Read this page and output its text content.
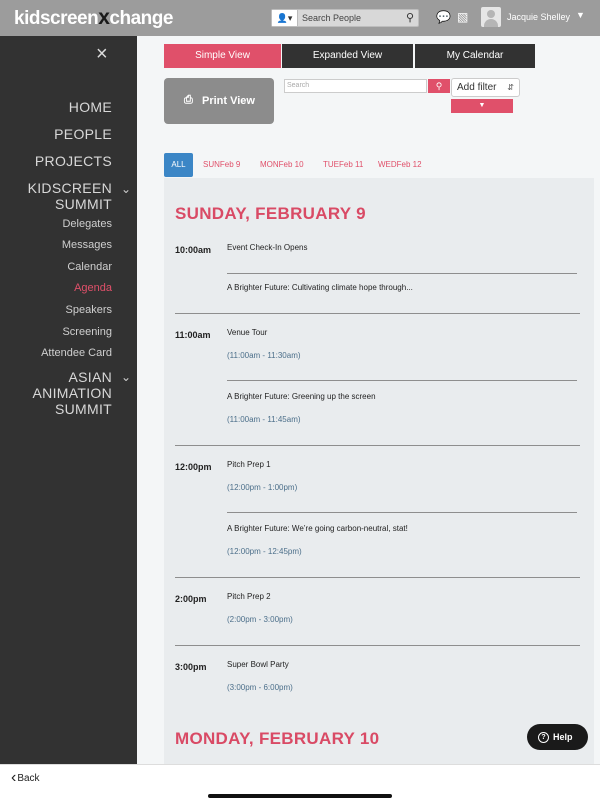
kidscreenxchange	👤▾	Search People	⚲ 💬 ▧	Jacquie Shelley ▼
×
HOME
PEOPLE
PROJECTS
KIDSCREEN
SUMMIT
⌄
Delegates
Messages
Calendar
Agenda
Speakers
Screening
Attendee Card
ASIAN
ANIMATION
SUMMIT
⌄
Simple View	Expanded View	My Calendar
⎙ Print View
Search	⚲	Add filter ⇵
▼
ALL	SUNFeb 9 MONFeb 10 TUEFeb 11 WEDFeb 12
SUNDAY, FEBRUARY 9
10:00am Event Check-In Opens
A Brighter Future: Cultivating climate hope through...
11:00am Venue Tour
(11:00am - 11:30am)
A Brighter Future: Greening up the screen
(11:00am - 11:45am)
12:00pm Pitch Prep 1
(12:00pm - 1:00pm)
A Brighter Future: We’re going carbon-neutral, stat!
(12:00pm - 12:45pm)
2:00pm	Pitch Prep 2
(2:00pm - 3:00pm)
3:00pm	Super Bowl Party
(3:00pm - 6:00pm)
MONDAY, FEBRUARY 10	? Help
‹Back
